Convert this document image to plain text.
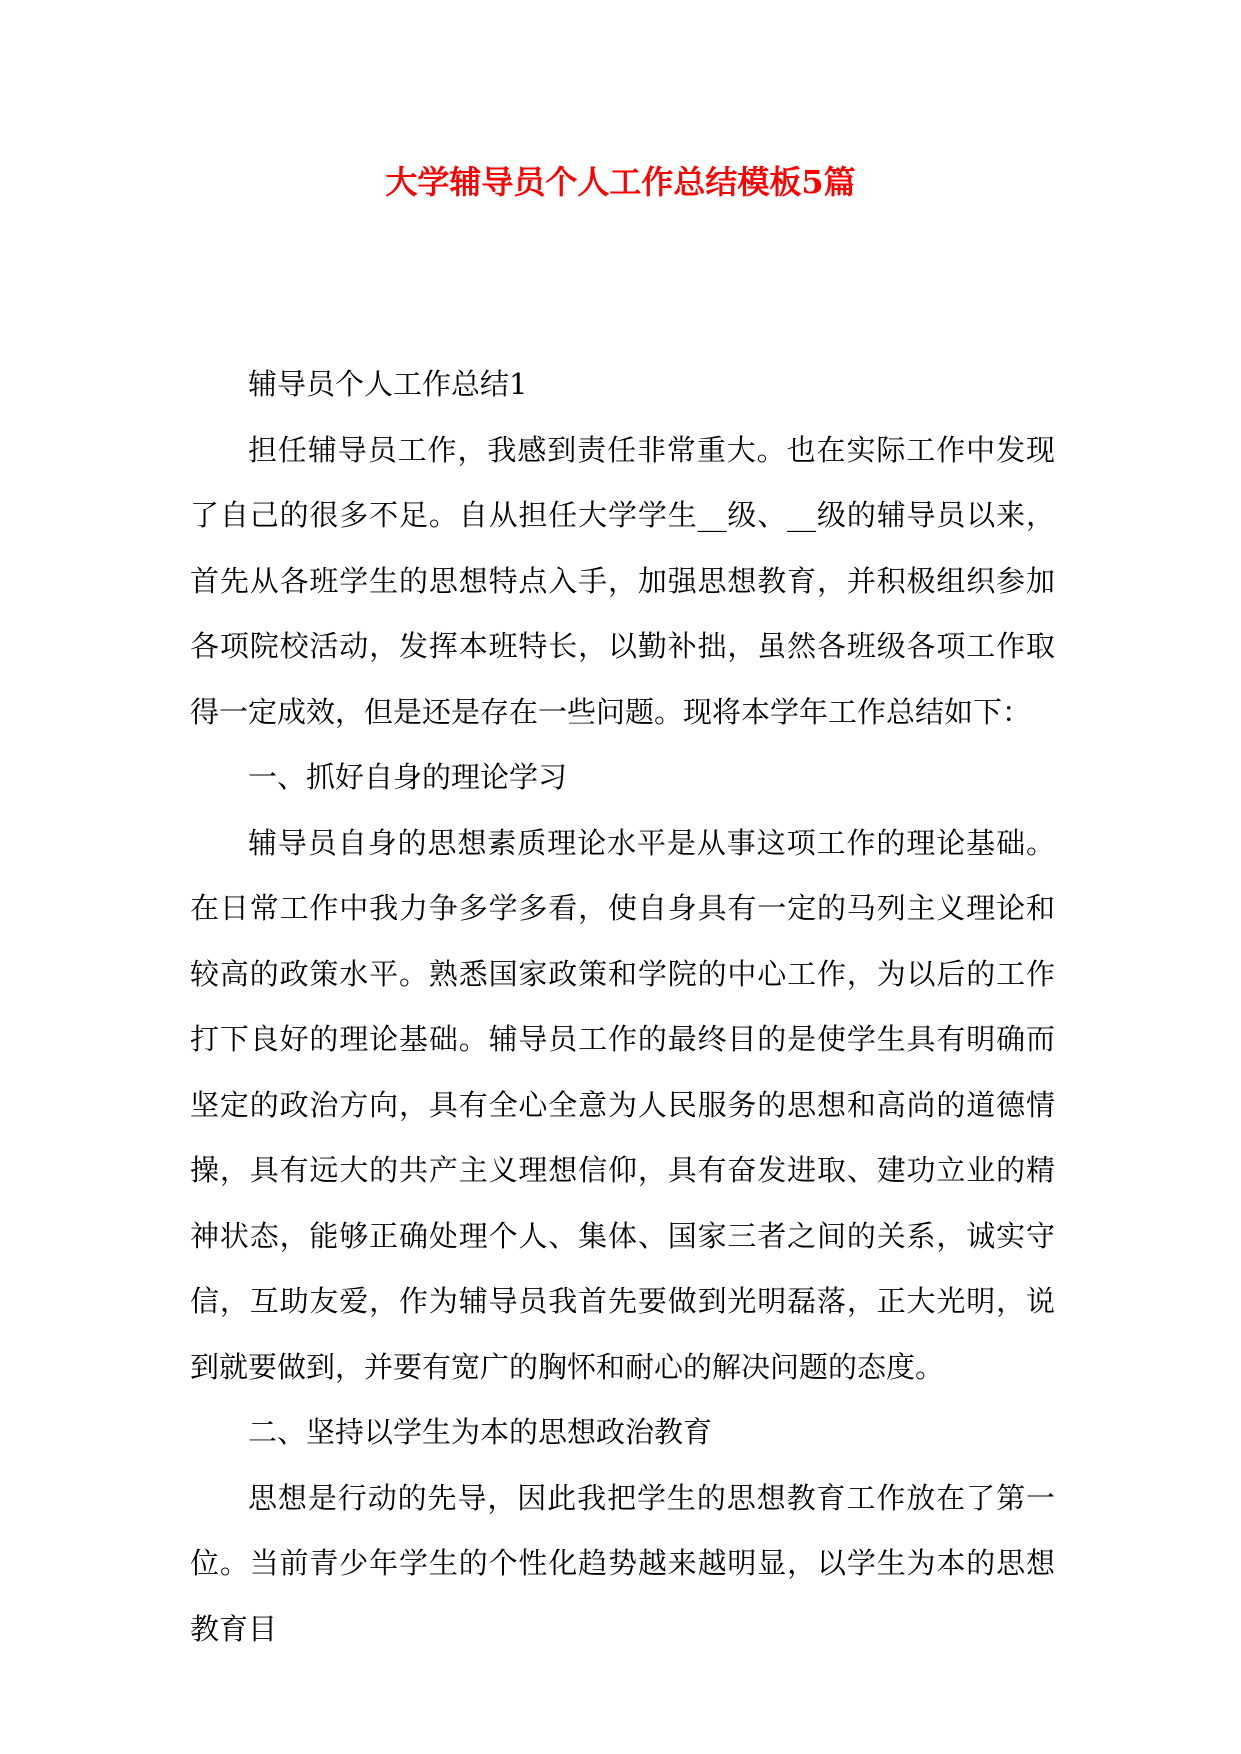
大学辅导员个人工作总结模板5篇

辅导员个人工作总结1

担任辅导员工作，我感到责任非常重大。也在实际工作中发现了自己的很多不足。自从担任大学学生__级、__级的辅导员以来，首先从各班学生的思想特点入手，加强思想教育，并积极组织参加各项院校活动，发挥本班特长，以勤补拙，虽然各班级各项工作取得一定成效，但是还是存在一些问题。现将本学年工作总结如下：

一、抓好自身的理论学习

辅导员自身的思想素质理论水平是从事这项工作的理论基础。在日常工作中我力争多学多看，使自身具有一定的马列主义理论和较高的政策水平。熟悉国家政策和学院的中心工作，为以后的工作打下良好的理论基础。辅导员工作的最终目的是使学生具有明确而坚定的政治方向，具有全心全意为人民服务的思想和高尚的道德情操，具有远大的共产主义理想信仰，具有奋发进取、建功立业的精神状态，能够正确处理个人、集体、国家三者之间的关系，诚实守信，互助友爱，作为辅导员我首先要做到光明磊落，正大光明，说到就要做到，并要有宽广的胸怀和耐心的解决问题的态度。

二、坚持以学生为本的思想政治教育

思想是行动的先导，因此我把学生的思想教育工作放在了第一位。当前青少年学生的个性化趋势越来越明显，以学生为本的思想教育目
